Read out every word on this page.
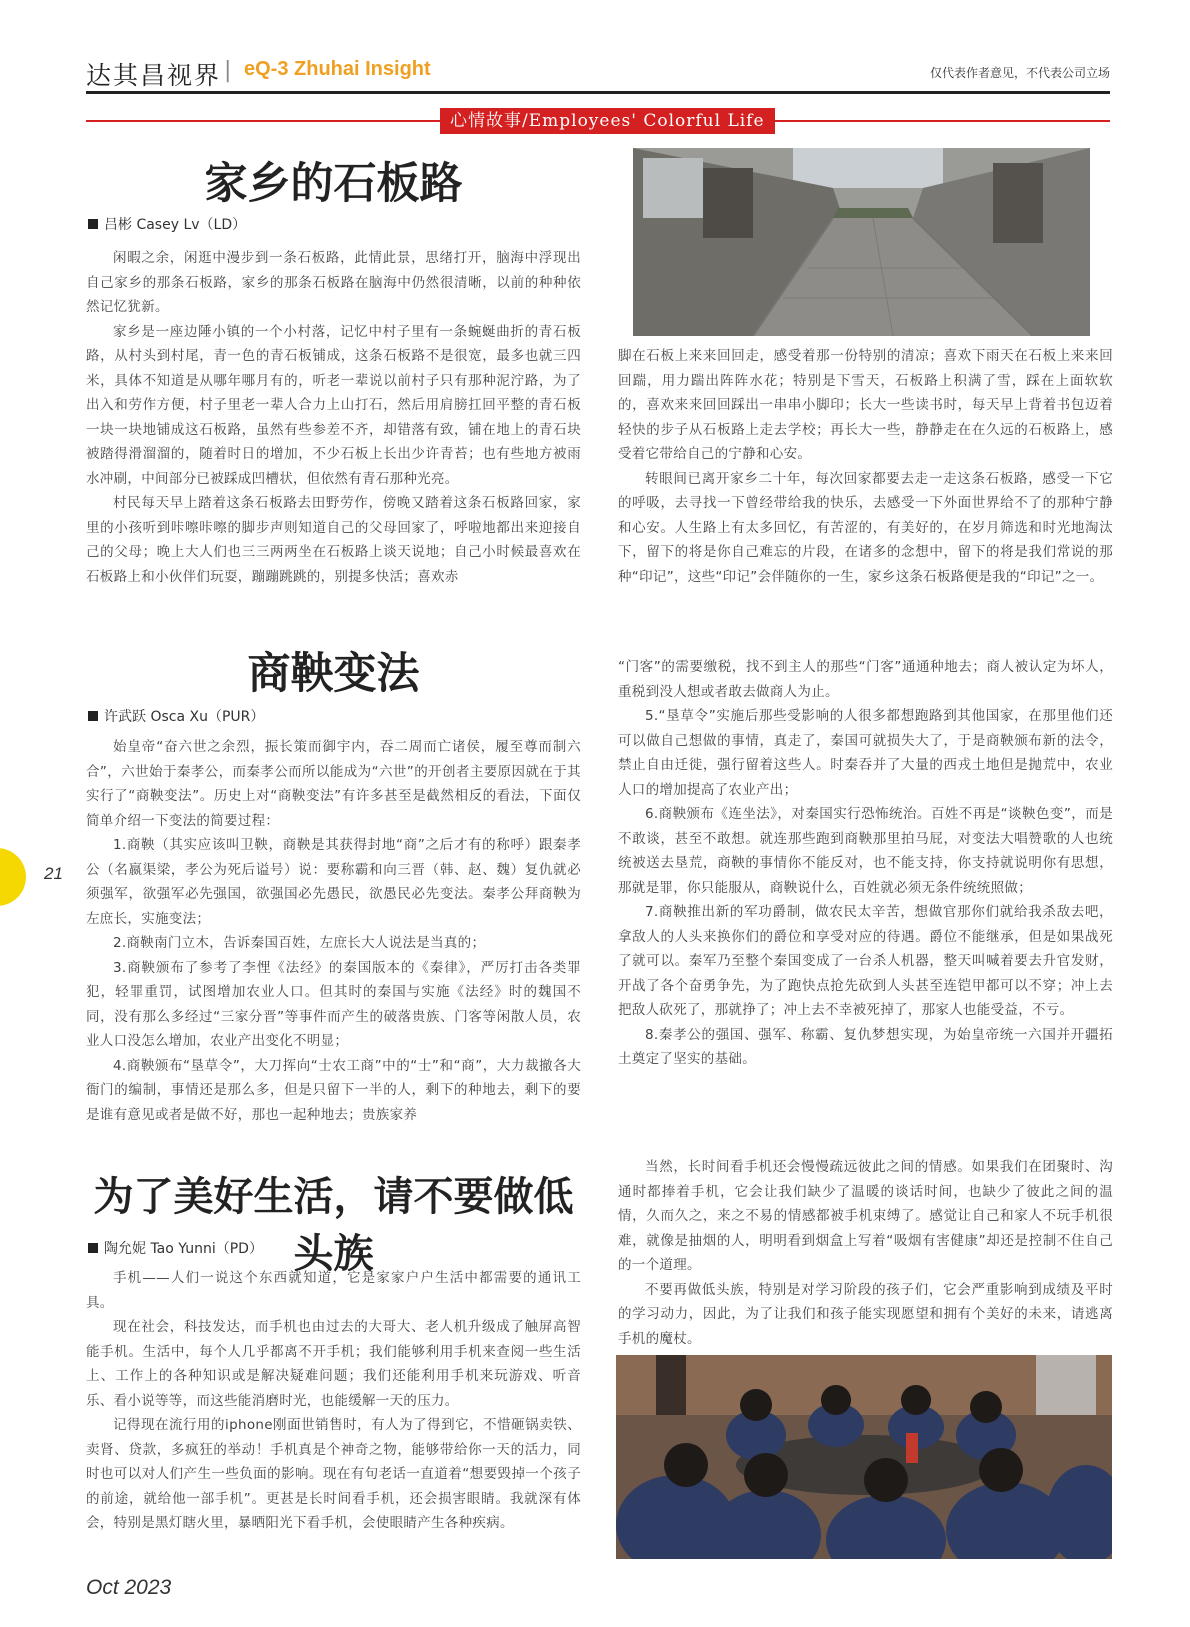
达其昌视界 | eQ-3 Zhuhai Insight	仅代表作者意见，不代表公司立场
心情故事/Employees' Colorful Life
家乡的石板路
吕彬 Casey Lv（LD）

闲暇之余，闲逛中漫步到一条石板路，此情此景，思绪打开，脑海中浮现出自己家乡的那条石板路，家乡的那条石板路在脑海中仍然很清晰，以前的种种依然记忆犹新。

家乡是一座边陲小镇的一个小村落，记忆中村子里有一条蜿蜒曲折的青石板路，从村头到村尾，青一色的青石板铺成，这条石板路不是很宽，最多也就三四米，具体不知道是从哪年哪月有的，听老一辈说以前村子只有那种泥泞路，为了出入和劳作方便，村子里老一辈人合力上山打石，然后用肩膀扛回平整的青石板一块一块地铺成这石板路，虽然有些参差不齐，却错落有致，铺在地上的青石块被踏得滑溜溜的，随着时日的增加，不少石板上长出少许青苔；也有些地方被雨水冲刷，中间部分已被踩成凹槽状，但依然有青石那种光亮。

村民每天早上踏着这条石板路去田野劳作，傍晚又踏着这条石板路回家，家里的小孩听到咔嚓咔嚓的脚步声则知道自己的父母回家了，呼啦地都出来迎接自己的父母；晚上大人们也三三两两坐在石板路上谈天说地；自己小时候最喜欢在石板路上和小伙伴们玩耍，蹦蹦跳跳的，别提多快活；喜欢赤

脚在石板上来来回回走，感受着那一份特别的清凉；喜欢下雨天在石板上来来回回踹，用力踹出阵阵水花；特别是下雪天，石板路上积满了雪，踩在上面软软的，喜欢来来回回踩出一串串小脚印；长大一些读书时，每天早上背着书包迈着轻快的步子从石板路上走去学校；再长大一些，静静走在在久远的石板路上，感受着它带给自己的宁静和心安。

转眼间已离开家乡二十年，每次回家都要去走一走这条石板路，感受一下它的呼吸，去寻找一下曾经带给我的快乐，去感受一下外面世界给不了的那种宁静和心安。人生路上有太多回忆，有苦涩的，有美好的，在岁月筛选和时光地淘汰下，留下的将是你自己难忘的片段，在诸多的念想中，留下的将是我们常说的那种“印记”，这些“印记”会伴随你的一生，家乡这条石板路便是我的“印记”之一。

商鞅变法
许武跃 Osca Xu（PUR）

始皇帝“奋六世之余烈，振长策而御宇内，吞二周而亡诸侯，履至尊而制六合”，六世始于秦孝公，而秦孝公而所以能成为“六世”的开创者主要原因就在于其实行了“商鞅变法”。历史上对“商鞅变法”有许多甚至是截然相反的看法，下面仅简单介绍一下变法的简要过程：

1.商鞅（其实应该叫卫鞅，商鞅是其获得封地“商”之后才有的称呼）跟秦孝公（名嬴渠梁，孝公为死后谥号）说：要称霸和向三晋（韩、赵、魏）复仇就必须强军，欲强军必先强国，欲强国必先愚民，欲愚民必先变法。秦孝公拜商鞅为左庶长，实施变法；

2.商鞅南门立木，告诉秦国百姓，左庶长大人说法是当真的；

3.商鞅颁布了参考了李悝《法经》的秦国版本的《秦律》，严厉打击各类罪犯，轻罪重罚，试图增加农业人口。但其时的秦国与实施《法经》时的魏国不同，没有那么多经过“三家分晋”等事件而产生的破落贵族、门客等闲散人员，农业人口没怎么增加，农业产出变化不明显；

4.商鞅颁布“垦草令”，大刀挥向“士农工商”中的“士”和“商”，大力裁撤各大衙门的编制，事情还是那么多，但是只留下一半的人，剩下的种地去，剩下的要是谁有意见或者是做不好，那也一起种地去；贵族家养

“门客”的需要缴税，找不到主人的那些“门客”通通种地去；商人被认定为坏人，重税到没人想或者敢去做商人为止。

5.“垦草令”实施后那些受影响的人很多都想跑路到其他国家，在那里他们还可以做自己想做的事情，真走了，秦国可就损失大了，于是商鞅颁布新的法令，禁止自由迁徙，强行留着这些人。时秦吞并了大量的西戎土地但是抛荒中，农业人口的增加提高了农业产出；

6.商鞅颁布《连坐法》，对秦国实行恐怖统治。百姓不再是“谈鞅色变”，而是不敢谈，甚至不敢想。就连那些跑到商鞅那里拍马屁，对变法大唱赞歌的人也统统被送去垦荒，商鞅的事情你不能反对，也不能支持，你支持就说明你有思想，那就是罪，你只能服从，商鞅说什么，百姓就必须无条件统统照做；

7.商鞅推出新的军功爵制，做农民太辛苦，想做官那你们就给我杀敌去吧，拿敌人的人头来换你们的爵位和享受对应的待遇。爵位不能继承，但是如果战死了就可以。秦军乃至整个秦国变成了一台杀人机器，整天叫喊着要去升官发财，开战了各个奋勇争先，为了跑快点抢先砍到人头甚至连铠甲都可以不穿；冲上去把敌人砍死了，那就挣了；冲上去不幸被死掉了，那家人也能受益，不亏。

8.秦孝公的强国、强军、称霸、复仇梦想实现，为始皇帝统一六国并开疆拓土奠定了坚实的基础。

为了美好生活，请不要做低头族
陶允妮 Tao Yunni（PD）

手机——人们一说这个东西就知道，它是家家户户生活中都需要的通讯工具。

现在社会，科技发达，而手机也由过去的大哥大、老人机升级成了触屏高智能手机。生活中，每个人几乎都离不开手机；我们能够利用手机来查阅一些生活上、工作上的各种知识或是解决疑难问题；我们还能利用手机来玩游戏、听音乐、看小说等等，而这些能消磨时光，也能缓解一天的压力。

记得现在流行用的iphone刚面世销售时，有人为了得到它，不惜砸锅卖铁、卖肾、贷款，多疯狂的举动！手机真是个神奇之物，能够带给你一天的活力，同时也可以对人们产生一些负面的影响。现在有句老话一直道着“想要毁掉一个孩子的前途，就给他一部手机”。更甚是长时间看手机，还会损害眼睛。我就深有体会，特别是黑灯瞎火里，暴晒阳光下看手机，会使眼睛产生各种疾病。

当然，长时间看手机还会慢慢疏远彼此之间的情感。如果我们在团聚时、沟通时都捧着手机，它会让我们缺少了温暖的谈话时间，也缺少了彼此之间的温情，久而久之，来之不易的情感都被手机束缚了。感觉让自己和家人不玩手机很难，就像是抽烟的人，明明看到烟盒上写着“吸烟有害健康”却还是控制不住自己的一个道理。

不要再做低头族，特别是对学习阶段的孩子们，它会严重影响到成绩及平时的学习动力，因此，为了让我们和孩子能实现愿望和拥有个美好的未来，请逃离手机的魔杖。

21
Oct 2023
